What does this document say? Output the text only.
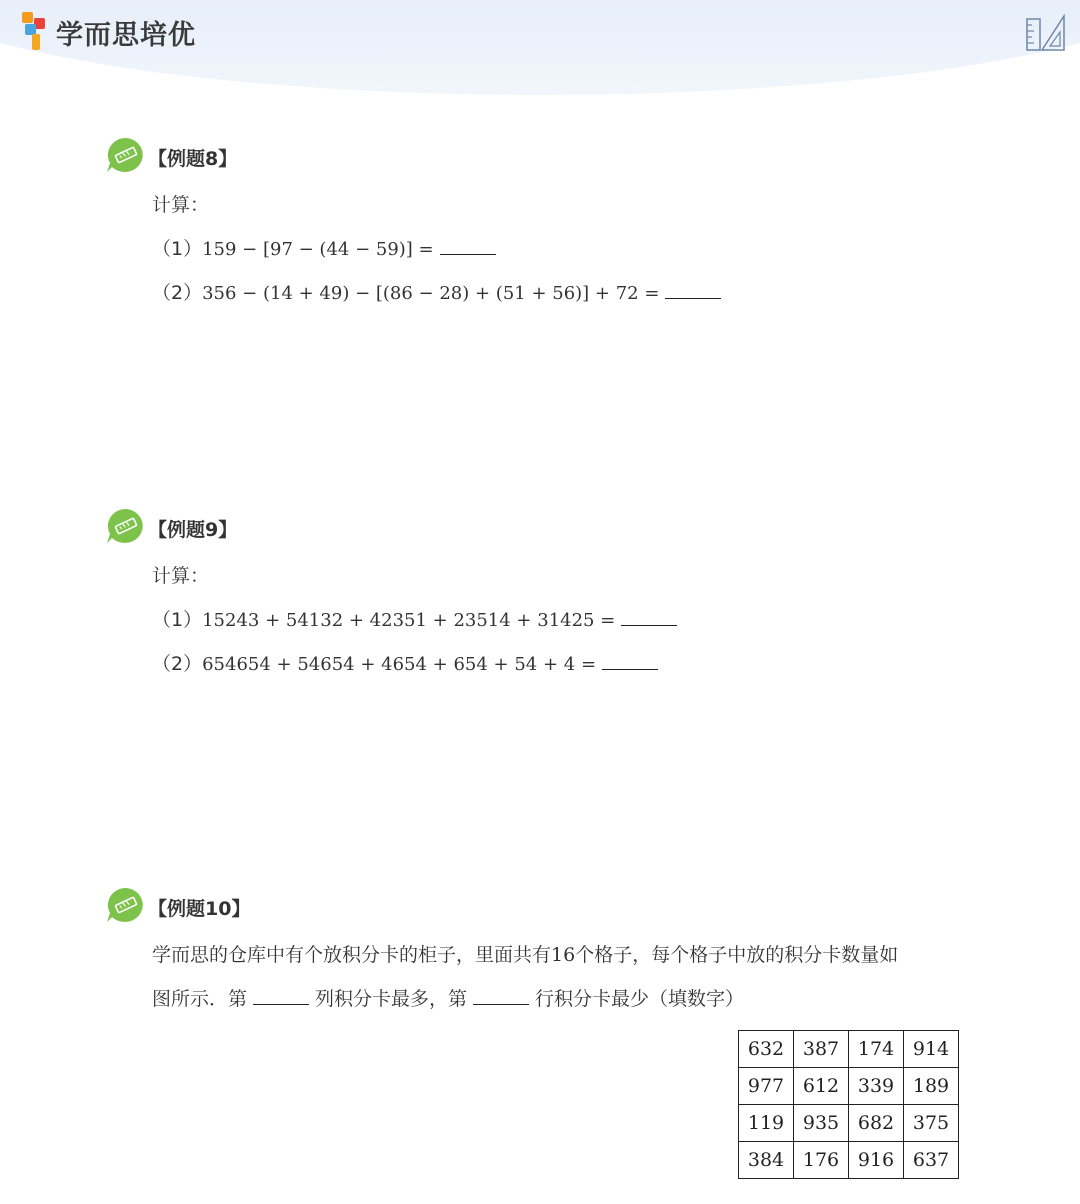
学而思培优
【例题8】
计算：
（1）159 − [97 − (44 − 59)] =
（2）356 − (14 + 49) − [(86 − 28) + (51 + 56)] + 72 =
【例题9】
计算：
（1）15243 + 54132 + 42351 + 23514 + 31425 =
（2）654654 + 54654 + 4654 + 654 + 54 + 4 =
【例题10】
学而思的仓库中有个放积分卡的柜子，里面共有16个格子，每个格子中放的积分卡数量如
图所示．第	列积分卡最多，第	行积分卡最少（填数字）
632	387	174	914
977	612	339	189
119	935	682	375
384	176	916	637
